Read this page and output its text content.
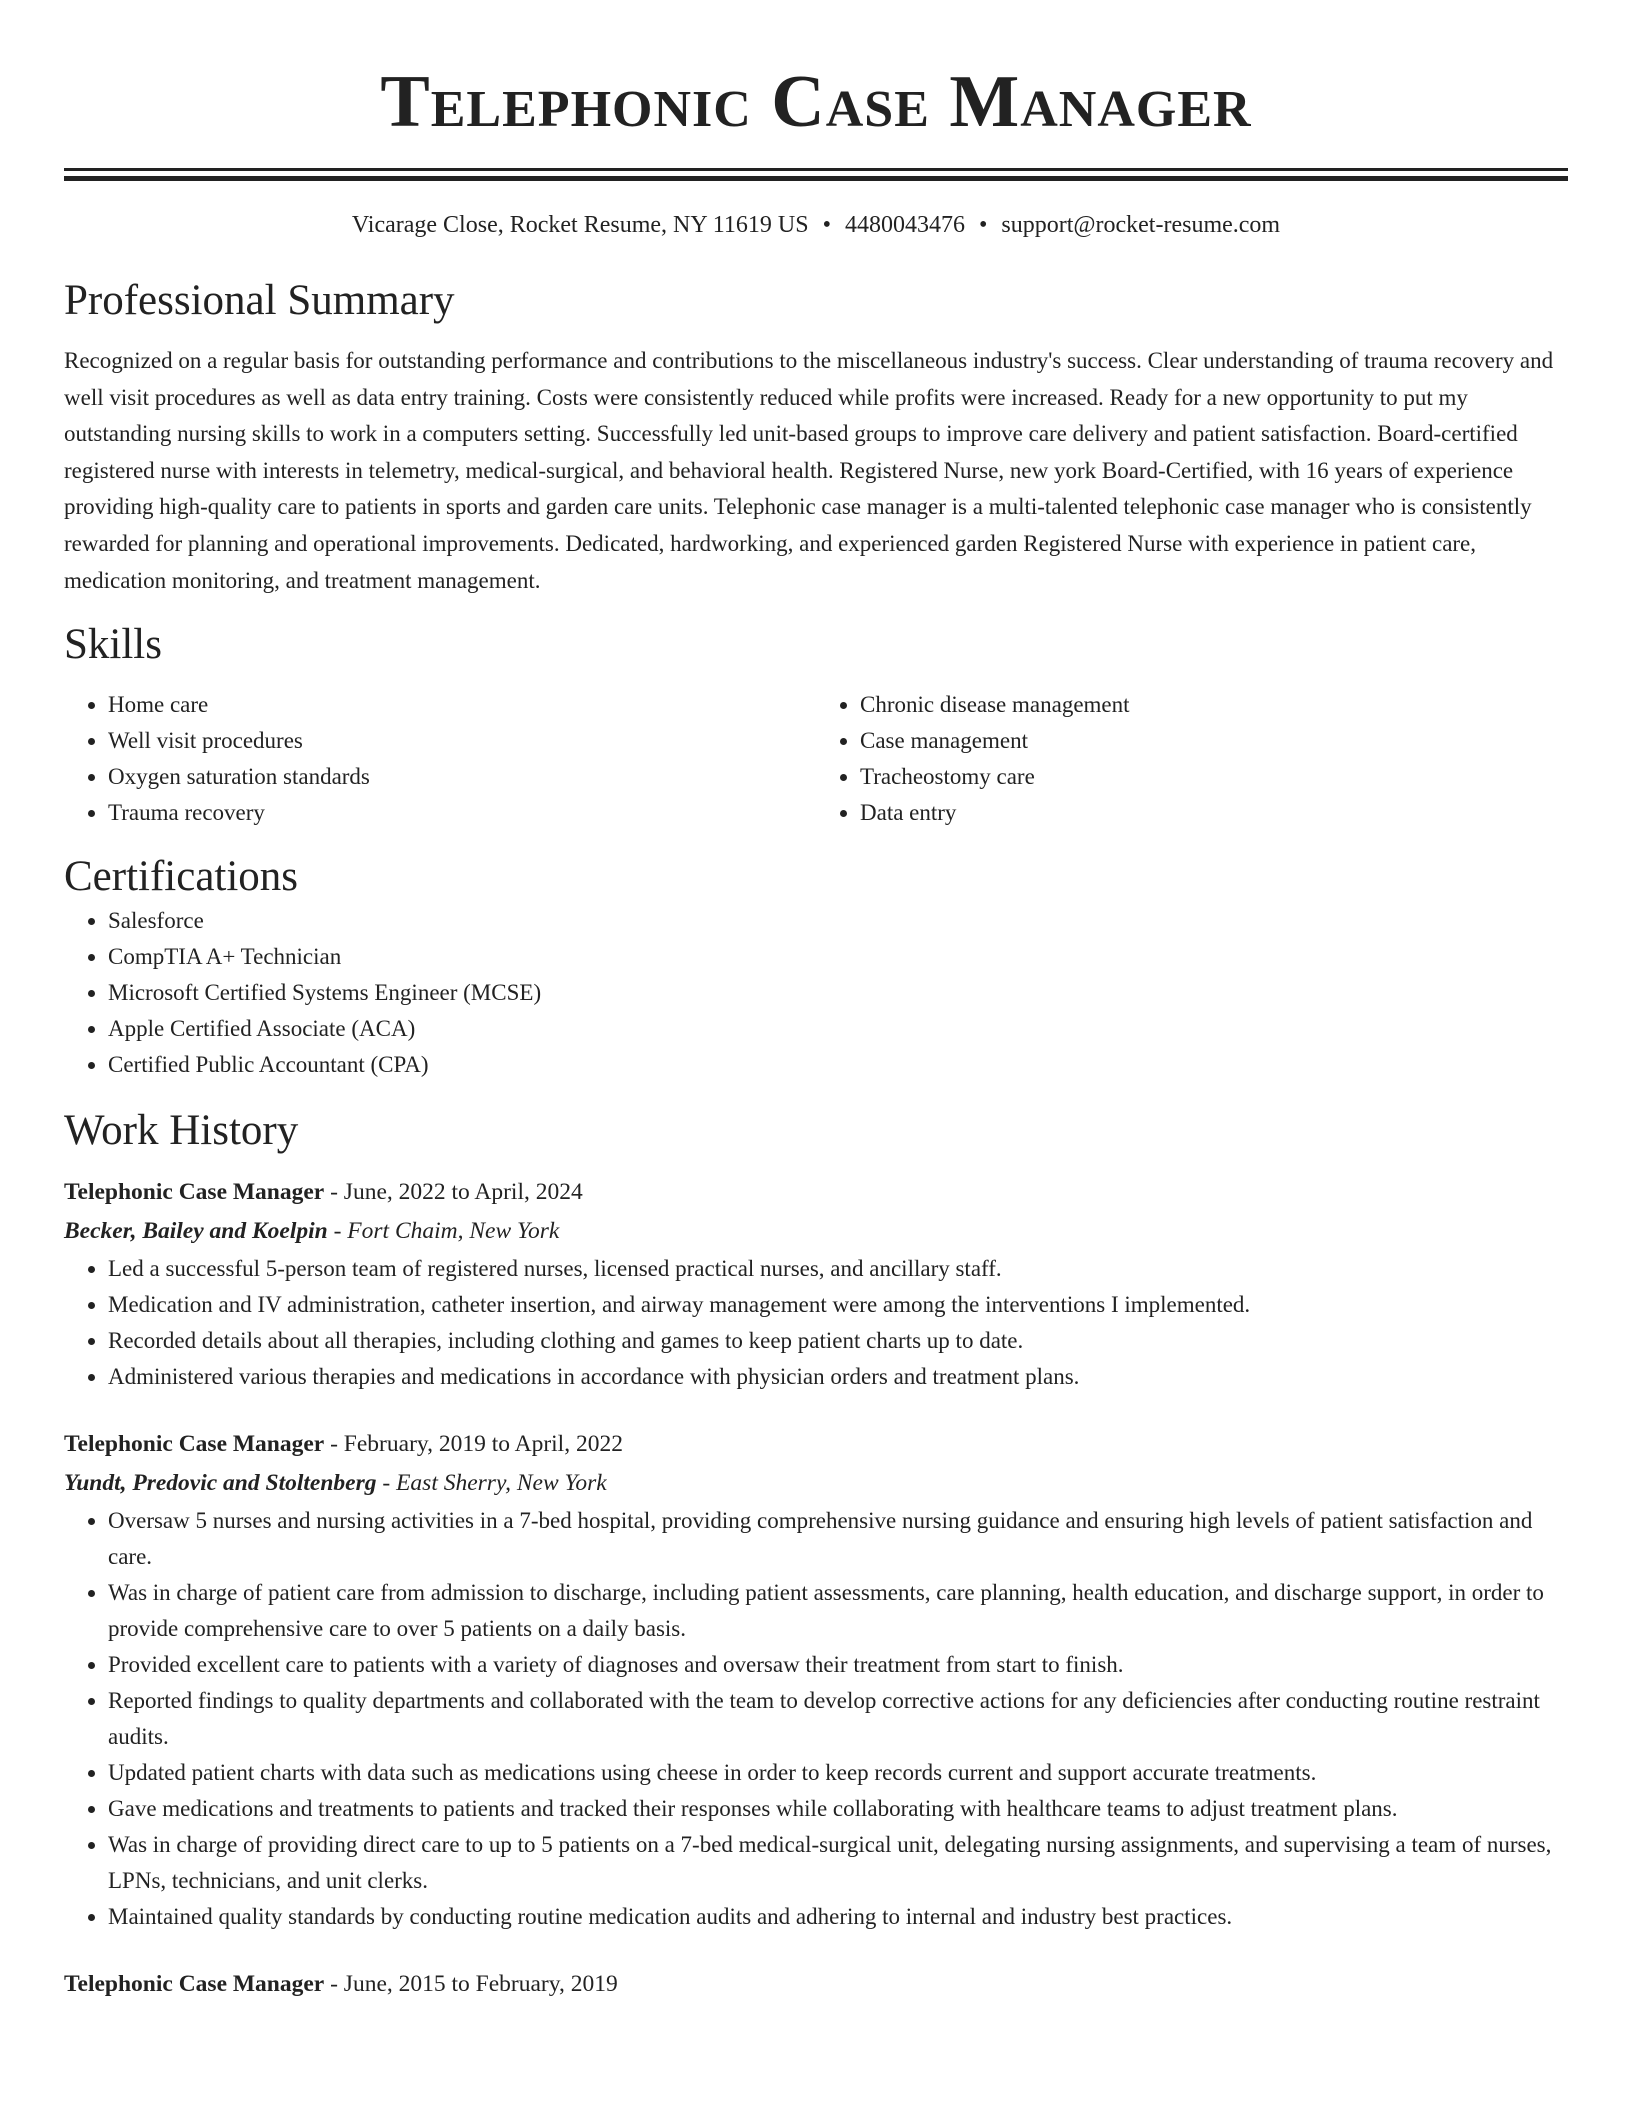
Telephonic Case Manager
Vicarage Close, Rocket Resume, NY 11619 US • 4480043476 • support@rocket-resume.com
Professional Summary
Recognized on a regular basis for outstanding performance and contributions to the miscellaneous industry's success. Clear understanding of trauma recovery and well visit procedures as well as data entry training. Costs were consistently reduced while profits were increased. Ready for a new opportunity to put my outstanding nursing skills to work in a computers setting. Successfully led unit-based groups to improve care delivery and patient satisfaction. Board-certified registered nurse with interests in telemetry, medical-surgical, and behavioral health. Registered Nurse, new york Board-Certified, with 16 years of experience providing high-quality care to patients in sports and garden care units. Telephonic case manager is a multi-talented telephonic case manager who is consistently rewarded for planning and operational improvements. Dedicated, hardworking, and experienced garden Registered Nurse with experience in patient care, medication monitoring, and treatment management.
Skills
• Home care
• Well visit procedures
• Oxygen saturation standards
• Trauma recovery
• Chronic disease management
• Case management
• Tracheostomy care
• Data entry
Certifications
• Salesforce
• CompTIA A+ Technician
• Microsoft Certified Systems Engineer (MCSE)
• Apple Certified Associate (ACA)
• Certified Public Accountant (CPA)
Work History
Telephonic Case Manager - June, 2022 to April, 2024
Becker, Bailey and Koelpin - Fort Chaim, New York
• Led a successful 5-person team of registered nurses, licensed practical nurses, and ancillary staff.
• Medication and IV administration, catheter insertion, and airway management were among the interventions I implemented.
• Recorded details about all therapies, including clothing and games to keep patient charts up to date.
• Administered various therapies and medications in accordance with physician orders and treatment plans.
Telephonic Case Manager - February, 2019 to April, 2022
Yundt, Predovic and Stoltenberg - East Sherry, New York
• Oversaw 5 nurses and nursing activities in a 7-bed hospital, providing comprehensive nursing guidance and ensuring high levels of patient satisfaction and care.
• Was in charge of patient care from admission to discharge, including patient assessments, care planning, health education, and discharge support, in order to provide comprehensive care to over 5 patients on a daily basis.
• Provided excellent care to patients with a variety of diagnoses and oversaw their treatment from start to finish.
• Reported findings to quality departments and collaborated with the team to develop corrective actions for any deficiencies after conducting routine restraint audits.
• Updated patient charts with data such as medications using cheese in order to keep records current and support accurate treatments.
• Gave medications and treatments to patients and tracked their responses while collaborating with healthcare teams to adjust treatment plans.
• Was in charge of providing direct care to up to 5 patients on a 7-bed medical-surgical unit, delegating nursing assignments, and supervising a team of nurses, LPNs, technicians, and unit clerks.
• Maintained quality standards by conducting routine medication audits and adhering to internal and industry best practices.
Telephonic Case Manager - June, 2015 to February, 2019
